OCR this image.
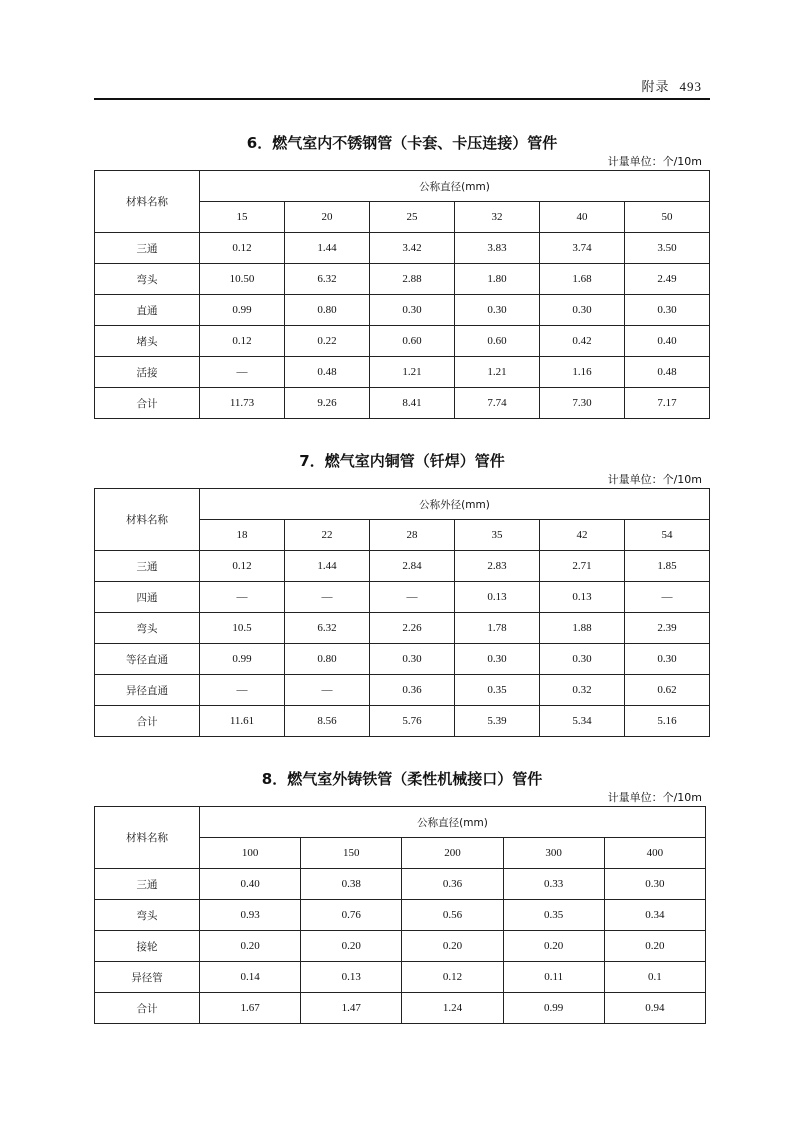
附录 493
6．燃气室内不锈钢管（卡套、卡压连接）管件
计量单位：个/10m
材料名称	公称直径(mm)					
	15	20	25	32	40	50
三通	0.12	1.44	3.42	3.83	3.74	3.50
弯头	10.50	6.32	2.88	1.80	1.68	2.49
直通	0.99	0.80	0.30	0.30	0.30	0.30
堵头	0.12	0.22	0.60	0.60	0.42	0.40
活接	—	0.48	1.21	1.21	1.16	0.48
合计	11.73	9.26	8.41	7.74	7.30	7.17
7．燃气室内铜管（钎焊）管件
计量单位：个/10m
材料名称	公称外径(mm)					
	18	22	28	35	42	54
三通	0.12	1.44	2.84	2.83	2.71	1.85
四通	—	—	—	0.13	0.13	—
弯头	10.5	6.32	2.26	1.78	1.88	2.39
等径直通	0.99	0.80	0.30	0.30	0.30	0.30
异径直通	—	—	0.36	0.35	0.32	0.62
合计	11.61	8.56	5.76	5.39	5.34	5.16
8．燃气室外铸铁管（柔性机械接口）管件
计量单位：个/10m
材料名称	公称直径(mm)				
	100	150	200	300	400
三通	0.40	0.38	0.36	0.33	0.30
弯头	0.93	0.76	0.56	0.35	0.34
接轮	0.20	0.20	0.20	0.20	0.20
异径管	0.14	0.13	0.12	0.11	0.1
合计	1.67	1.47	1.24	0.99	0.94
